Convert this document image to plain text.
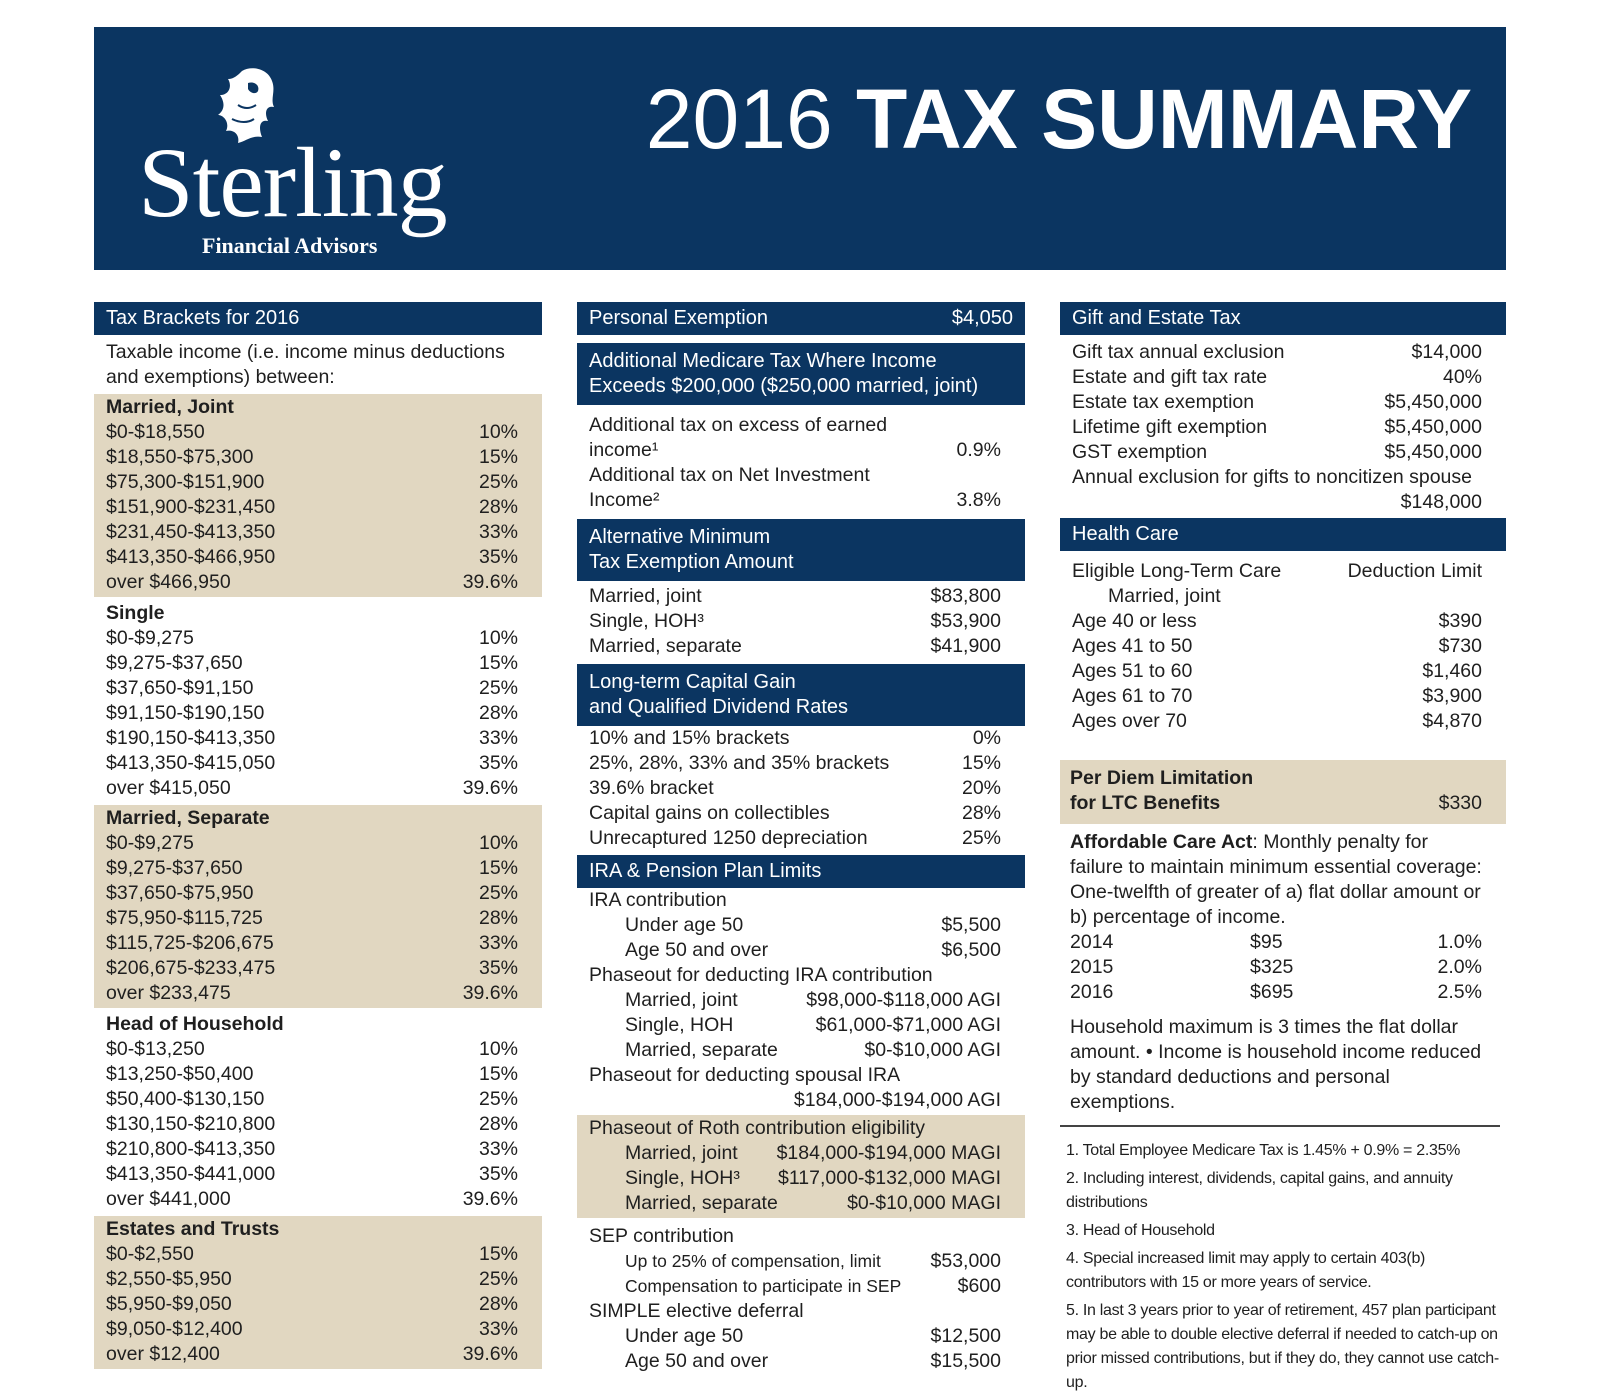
Sterling
Financial Advisors
2016 TAX SUMMARY
Tax Brackets for 2016
Taxable income (i.e. income minus deductions and exemptions) between:
Married, Joint
$0-$18,550	10%
$18,550-$75,300	15%
$75,300-$151,900	25%
$151,900-$231,450	28%
$231,450-$413,350	33%
$413,350-$466,950	35%
over $466,950	39.6%
Single
$0-$9,275	10%
$9,275-$37,650	15%
$37,650-$91,150	25%
$91,150-$190,150	28%
$190,150-$413,350	33%
$413,350-$415,050	35%
over $415,050	39.6%
Married, Separate
$0-$9,275	10%
$9,275-$37,650	15%
$37,650-$75,950	25%
$75,950-$115,725	28%
$115,725-$206,675	33%
$206,675-$233,475	35%
over $233,475	39.6%
Head of Household
$0-$13,250	10%
$13,250-$50,400	15%
$50,400-$130,150	25%
$130,150-$210,800	28%
$210,800-$413,350	33%
$413,350-$441,000	35%
over $441,000	39.6%
Estates and Trusts
$0-$2,550	15%
$2,550-$5,950	25%
$5,950-$9,050	28%
$9,050-$12,400	33%
over $12,400	39.6%
Personal Exemption	$4,050
Additional Medicare Tax Where Income Exceeds $200,000 ($250,000 married, joint)
Additional tax on excess of earned income¹	0.9%
Additional tax on Net Investment Income²	3.8%
Alternative Minimum
Tax Exemption Amount
Married, joint	$83,800
Single, HOH³	$53,900
Married, separate	$41,900
Long-term Capital Gain
and Qualified Dividend Rates
10% and 15% brackets	0%
25%, 28%, 33% and 35% brackets	15%
39.6% bracket	20%
Capital gains on collectibles	28%
Unrecaptured 1250 depreciation	25%
IRA & Pension Plan Limits
IRA contribution
Under age 50	$5,500
Age 50 and over	$6,500
Phaseout for deducting IRA contribution
Married, joint	$98,000-$118,000 AGI
Single, HOH	$61,000-$71,000 AGI
Married, separate	$0-$10,000 AGI
Phaseout for deducting spousal IRA
$184,000-$194,000 AGI
Phaseout of Roth contribution eligibility
Married, joint $184,000-$194,000 MAGI
Single, HOH³ $117,000-$132,000 MAGI
Married, separate	$0-$10,000 MAGI
SEP contribution
Up to 25% of compensation, limit	$53,000
Compensation to participate in SEP	$600
SIMPLE elective deferral
Under age 50	$12,500
Age 50 and over	$15,500
Gift and Estate Tax
Gift tax annual exclusion	$14,000
Estate and gift tax rate	40%
Estate tax exemption	$5,450,000
Lifetime gift exemption	$5,450,000
GST exemption	$5,450,000
Annual exclusion for gifts to noncitizen spouse
$148,000
Health Care
Eligible Long-Term Care	Deduction Limit
Married, joint
Age 40 or less	$390
Ages 41 to 50	$730
Ages 51 to 60	$1,460
Ages 61 to 70	$3,900
Ages over 70	$4,870
Per Diem Limitation
for LTC Benefits	$330
Affordable Care Act: Monthly penalty for failure to maintain minimum essential coverage: One-twelfth of greater of a) flat dollar amount or b) percentage of income.
2014	$95	1.0%
2015	$325	2.0%
2016	$695	2.5%
Household maximum is 3 times the flat dollar amount. • Income is household income reduced by standard deductions and personal exemptions.

1. Total Employee Medicare Tax is 1.45% + 0.9% = 2.35%

2. Including interest, dividends, capital gains, and annuity distributions

3. Head of Household

4. Special increased limit may apply to certain 403(b) contributors with 15 or more years of service.

5. In last 3 years prior to year of retirement, 457 plan participant may be able to double elective deferral if needed to catch-up on prior missed contributions, but if they do, they cannot use catch-up.
